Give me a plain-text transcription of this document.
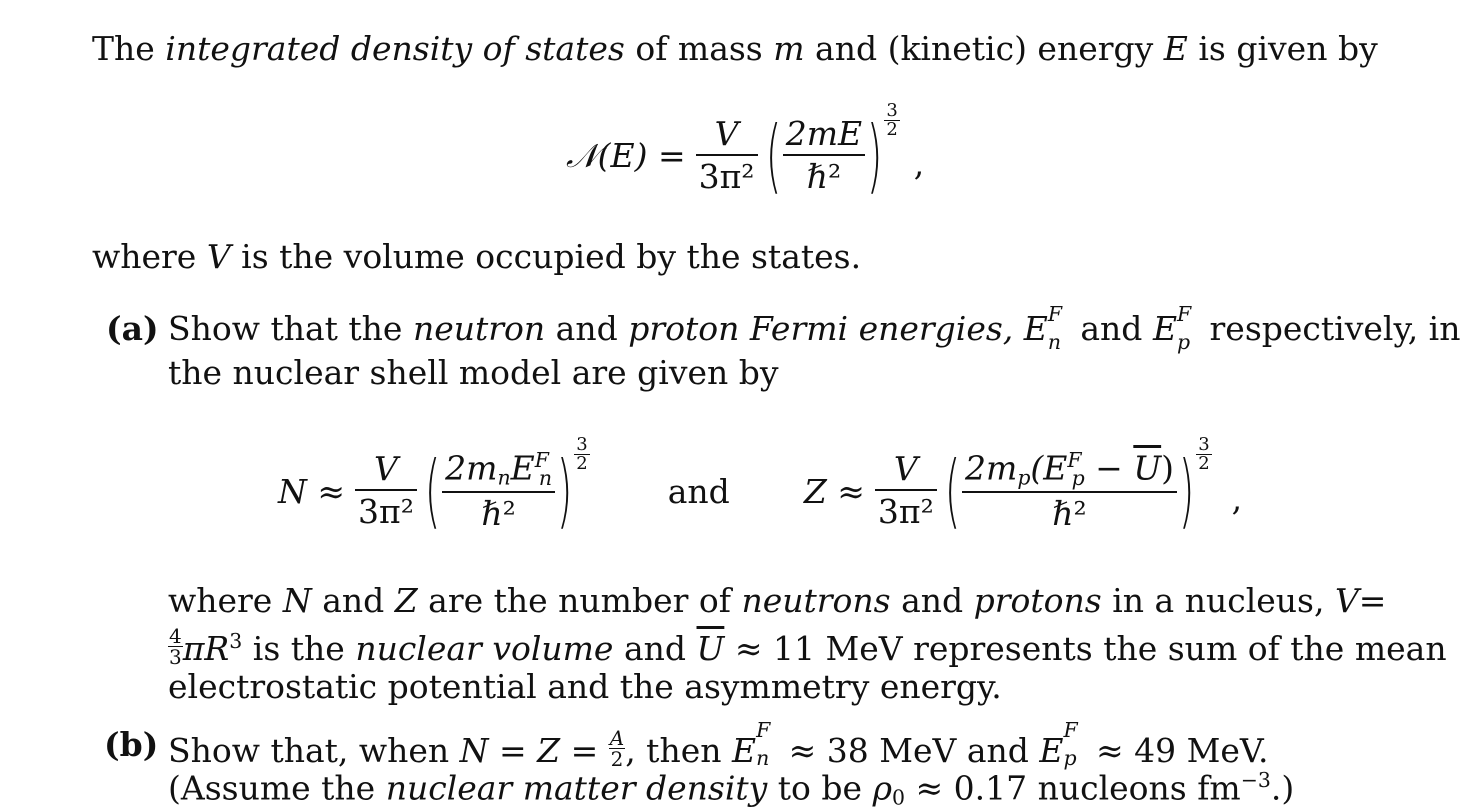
The integrated density of states of mass m and (kinetic) energy E is given by
𝒩(E) = $\frac{V}{\text{3π²}}$ ( $\frac{2mE}{\text{ℏ²}}$ ) $\frac{3}{2}$
,
where V is the volume occupied by the states.
(a) Show that the neutron and proton Fermi energies, E F
n and E F
p respectively, in
the nuclear shell model are given by
$N \approx \frac{V}{\text{3π²}}$ ( $\frac{2m_nE^F_n}{\text{ℏ²}}$ ) $\frac{3}{2}$
and $Z \approx \frac{V}{\text{3π²}}$ ( $\frac{2m_p(E^F_p - \overline{U})}{\text{ℏ²}}$ ) $\frac{3}{2}$
,
where N and Z are the number of neutrons and protons in a nucleus, V =
$\frac{4}{3} \pi R^3$ is the nuclear volume and $\overline{U} \approx 11$ MeV represents the sum of the mean
electrostatic potential and the asymmetry energy.
(b) Show that, when $N = Z = \frac{A}{2}$ , then E
F
n ≈ 38 MeV and E
F
p ≈ 49 MeV.
(Assume the nuclear matter density to be $\rho_0 \approx 0.17$ nucleons $fm^{-3}$.)
